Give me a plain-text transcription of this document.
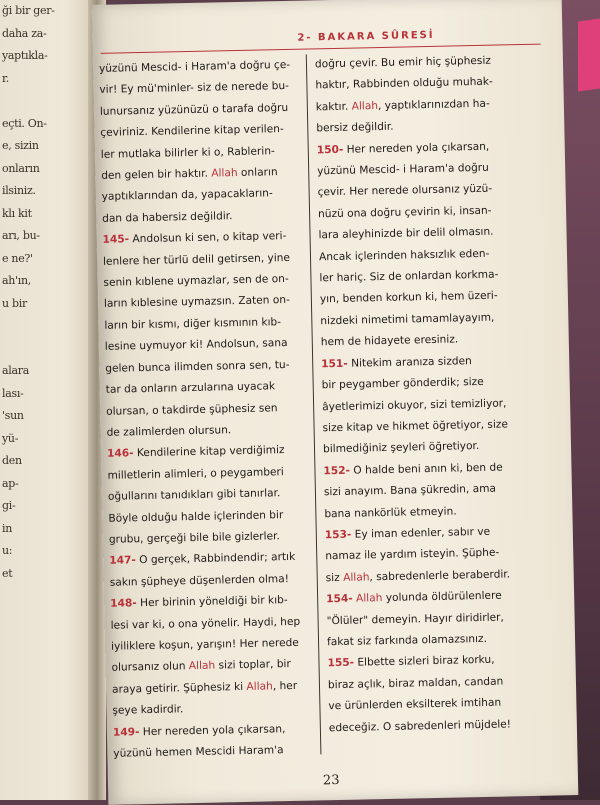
ği bir ger-
daha za-
yaptıkla-
r.
eçti. On-
e, sizin
onların
ilsiniz.
klı kit
arı, bu-
e ne?'
ah'ın,
u bir
alara
lası-
'sun
yü-
den
ap-
gi-
in
u:
et
2- BAKARA SÛRESİ
yüzünü Mescid- i Haram'a doğru çe-
vir! Ey mü'minler- siz de nerede bu-
lunursanız yüzünüzü o tarafa doğru
çeviriniz. Kendilerine kitap verilen-
ler mutlaka bilirler ki o, Rablerin-
den gelen bir haktır. Allah onların
yaptıklarından da, yapacakların-
dan da habersiz değildir.
145- Andolsun ki sen, o kitap veri-
lenlere her türlü delil getirsen, yine
senin kıblene uymazlar, sen de on-
ların kıblesine uymazsın. Zaten on-
ların bir kısmı, diğer kısmının kıb-
lesine uymuyor ki! Andolsun, sana
gelen bunca ilimden sonra sen, tu-
tar da onların arzularına uyacak
olursan, o takdirde şüphesiz sen
de zalimlerden olursun.
146- Kendilerine kitap verdiğimiz
milletlerin alimleri, o peygamberi
oğullarını tanıdıkları gibi tanırlar.
Böyle olduğu halde içlerinden bir
grubu, gerçeği bile bile gizlerler.
147- O gerçek, Rabbindendir; artık
sakın şüpheye düşenlerden olma!
148- Her birinin yöneldiği bir kıb-
lesi var ki, o ona yönelir. Haydi, hep
iyiliklere koşun, yarışın! Her nerede
olursanız olun Allah sizi toplar, bir
araya getirir. Şüphesiz ki Allah, her
şeye kadirdir.
149- Her nereden yola çıkarsan,
yüzünü hemen Mescidi Haram'a
doğru çevir. Bu emir hiç şüphesiz
haktır, Rabbinden olduğu muhak-
kaktır. Allah, yaptıklarınızdan ha-
bersiz değildir.
150- Her nereden yola çıkarsan,
yüzünü Mescid- i Haram'a doğru
çevir. Her nerede olursanız yüzü-
nüzü ona doğru çevirin ki, insan-
lara aleyhinizde bir delil olmasın.
Ancak içlerinden haksızlık eden-
ler hariç. Siz de onlardan korkma-
yın, benden korkun ki, hem üzeri-
nizdeki nimetimi tamamlayayım,
hem de hidayete eresiniz.
151- Nitekim aranıza sizden
bir peygamber gönderdik; size
âyetlerimizi okuyor, sizi temizliyor,
size kitap ve hikmet öğretiyor, size
bilmediğiniz şeyleri öğretiyor.
152- O halde beni anın ki, ben de
sizi anayım. Bana şükredin, ama
bana nankörlük etmeyin.
153- Ey iman edenler, sabır ve
namaz ile yardım isteyin. Şüphe-
siz Allah, sabredenlerle beraberdir.
154- Allah yolunda öldürülenlere
"Ölüler" demeyin. Hayır diridirler,
fakat siz farkında olamazsınız.
155- Elbette sizleri biraz korku,
biraz açlık, biraz maldan, candan
ve ürünlerden eksilterek imtihan
edeceğiz. O sabredenleri müjdele!
23
